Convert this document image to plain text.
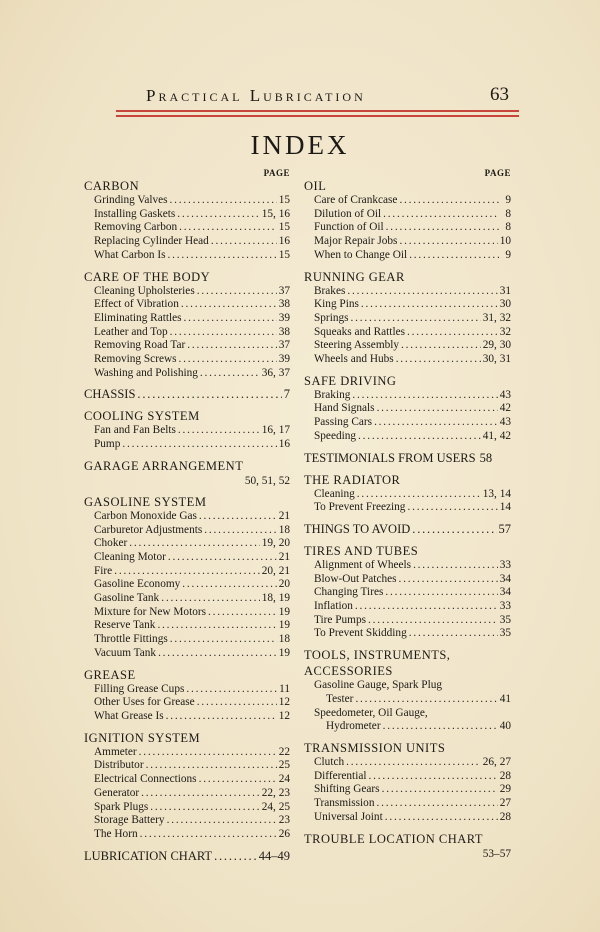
Practical Lubrication	63
INDEX
PAGE
CARBON
Grinding Valves .....	15
Installing Gaskets .....	15, 16
Removing Carbon .....	15
Replacing Cylinder Head .....	16
What Carbon Is .....	15
CARE OF THE BODY
Cleaning Upholsteries .....	37
Effect of Vibration .....	38
Eliminating Rattles .....	39
Leather and Top .....	38
Removing Road Tar .....	37
Removing Screws .....	39
Washing and Polishing .....	36, 37
CHASSIS .....	7
COOLING SYSTEM
Fan and Fan Belts .....	16, 17
Pump .....	16
GARAGE ARRANGEMENT
50, 51, 52
GASOLINE SYSTEM
Carbon Monoxide Gas .....	21
Carburetor Adjustments .....	18
Choker .....	19, 20
Cleaning Motor .....	21
Fire .....	20, 21
Gasoline Economy .....	20
Gasoline Tank .....	18, 19
Mixture for New Motors .....	19
Reserve Tank .....	19
Throttle Fittings .....	18
Vacuum Tank .....	19
GREASE
Filling Grease Cups .....	11
Other Uses for Grease .....	12
What Grease Is .....	12
IGNITION SYSTEM
Ammeter .....	22
Distributor .....	25
Electrical Connections .....	24
Generator .....	22, 23
Spark Plugs .....	24, 25
Storage Battery .....	23
The Horn .....	26
LUBRICATION CHART .....	44–49
PAGE
OIL
Care of Crankcase .....	9
Dilution of Oil .....	8
Function of Oil .....	8
Major Repair Jobs .....	10
When to Change Oil .....	9
RUNNING GEAR
Brakes .....	31
King Pins .....	30
Springs .....	31, 32
Squeaks and Rattles .....	32
Steering Assembly .....	29, 30
Wheels and Hubs .....	30, 31
SAFE DRIVING
Braking .....	43
Hand Signals .....	42
Passing Cars .....	43
Speeding .....	41, 42
TESTIMONIALS FROM USERS 58
THE RADIATOR
Cleaning .....	13, 14
To Prevent Freezing .....	14
THINGS TO AVOID .....	57
TIRES AND TUBES
Alignment of Wheels .....	33
Blow-Out Patches .....	34
Changing Tires .....	34
Inflation .....	33
Tire Pumps .....	35
To Prevent Skidding .....	35
TOOLS, INSTRUMENTS,
ACCESSORIES
Gasoline Gauge, Spark Plug
Tester .....	41
Speedometer, Oil Gauge,
Hydrometer .....	40
TRANSMISSION UNITS
Clutch .....	26, 27
Differential .....	28
Shifting Gears .....	29
Transmission .....	27
Universal Joint .....	28
TROUBLE LOCATION CHART
53–57
